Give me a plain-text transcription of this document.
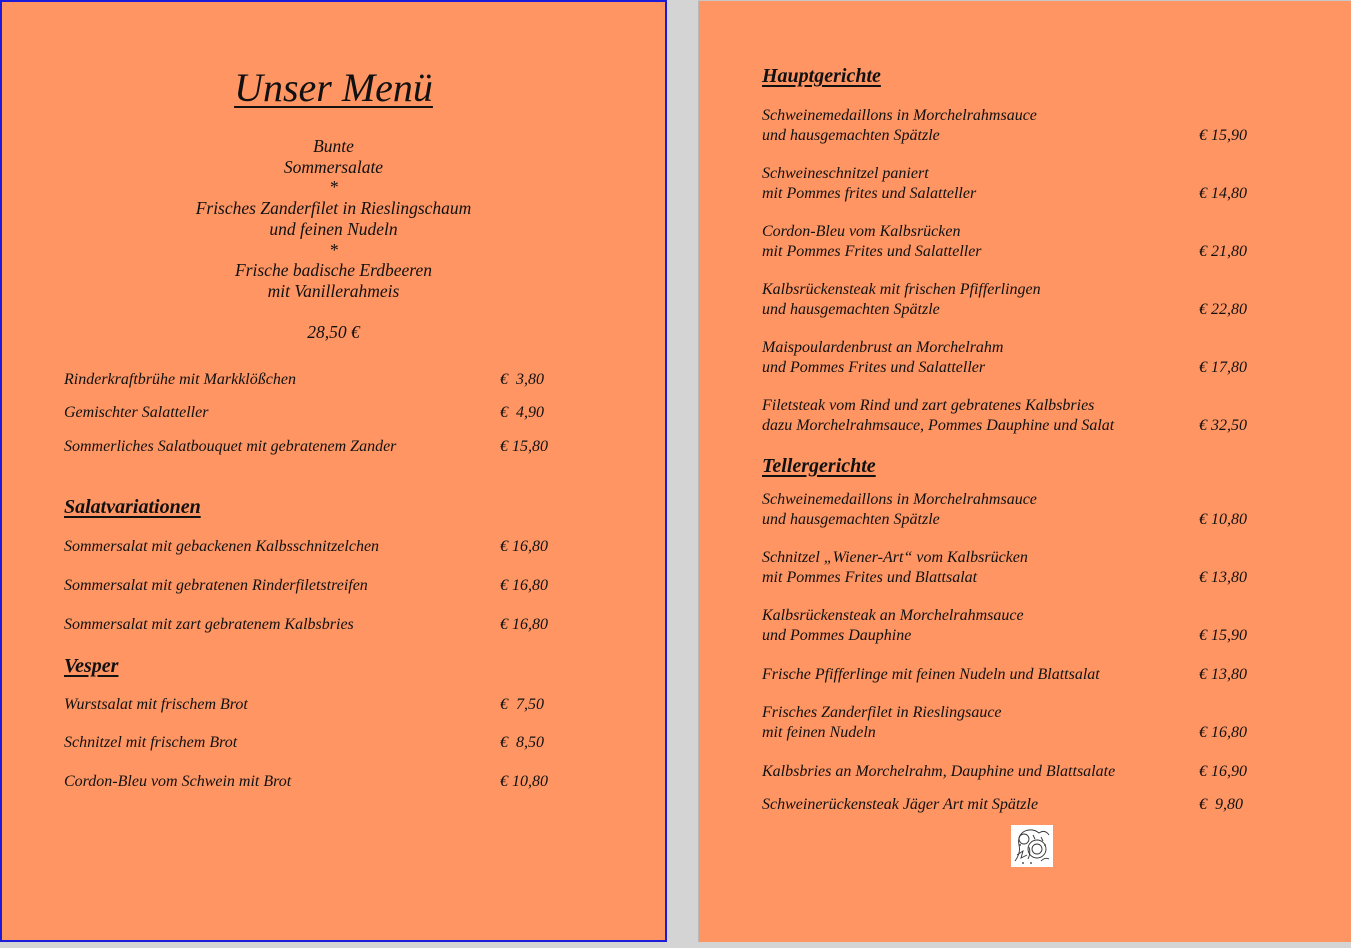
Unser Menü
Bunte
Sommersalate
*
Frisches Zanderfilet in Rieslingschaum
und feinen Nudeln
*
Frische badische Erdbeeren
mit Vanillerahmeis
28,50 €
Rinderkraftbrühe mit Markklößchen	€  3,80
Gemischter Salatteller	€  4,90
Sommerliches Salatbouquet mit gebratenem Zander	€ 15,80
Salatvariationen
Sommersalat mit gebackenen Kalbsschnitzelchen	€ 16,80
Sommersalat mit gebratenen Rinderfiletstreifen	€ 16,80
Sommersalat mit zart gebratenem Kalbsbries	€ 16,80
Vesper
Wurstsalat mit frischem Brot	€  7,50
Schnitzel mit frischem Brot	€  8,50
Cordon-Bleu vom Schwein mit Brot	€ 10,80
Hauptgerichte
Schweinemedaillons in Morchelrahmsauce
und hausgemachten Spätzle	€ 15,90
Schweineschnitzel paniert
mit Pommes frites und Salatteller	€ 14,80
Cordon-Bleu vom Kalbsrücken
mit Pommes Frites und Salatteller	€ 21,80
Kalbsrückensteak mit frischen Pfifferlingen
und hausgemachten Spätzle	€ 22,80
Maispoulardenbrust an Morchelrahm
und Pommes Frites und Salatteller	€ 17,80
Filetsteak vom Rind und zart gebratenes Kalbsbries
dazu Morchelrahmsauce, Pommes Dauphine und Salat	€ 32,50
Tellergerichte
Schweinemedaillons in Morchelrahmsauce
und hausgemachten Spätzle	€ 10,80
Schnitzel „Wiener-Art“ vom Kalbsrücken
mit Pommes Frites und Blattsalat	€ 13,80
Kalbsrückensteak an Morchelrahmsauce
und Pommes Dauphine	€ 15,90
Frische Pfifferlinge mit feinen Nudeln und Blattsalat	€ 13,80
Frisches Zanderfilet in Rieslingsauce
mit feinen Nudeln	€ 16,80
Kalbsbries an Morchelrahm, Dauphine und Blattsalate	€ 16,90
Schweinerückensteak Jäger Art mit Spätzle	€  9,80
